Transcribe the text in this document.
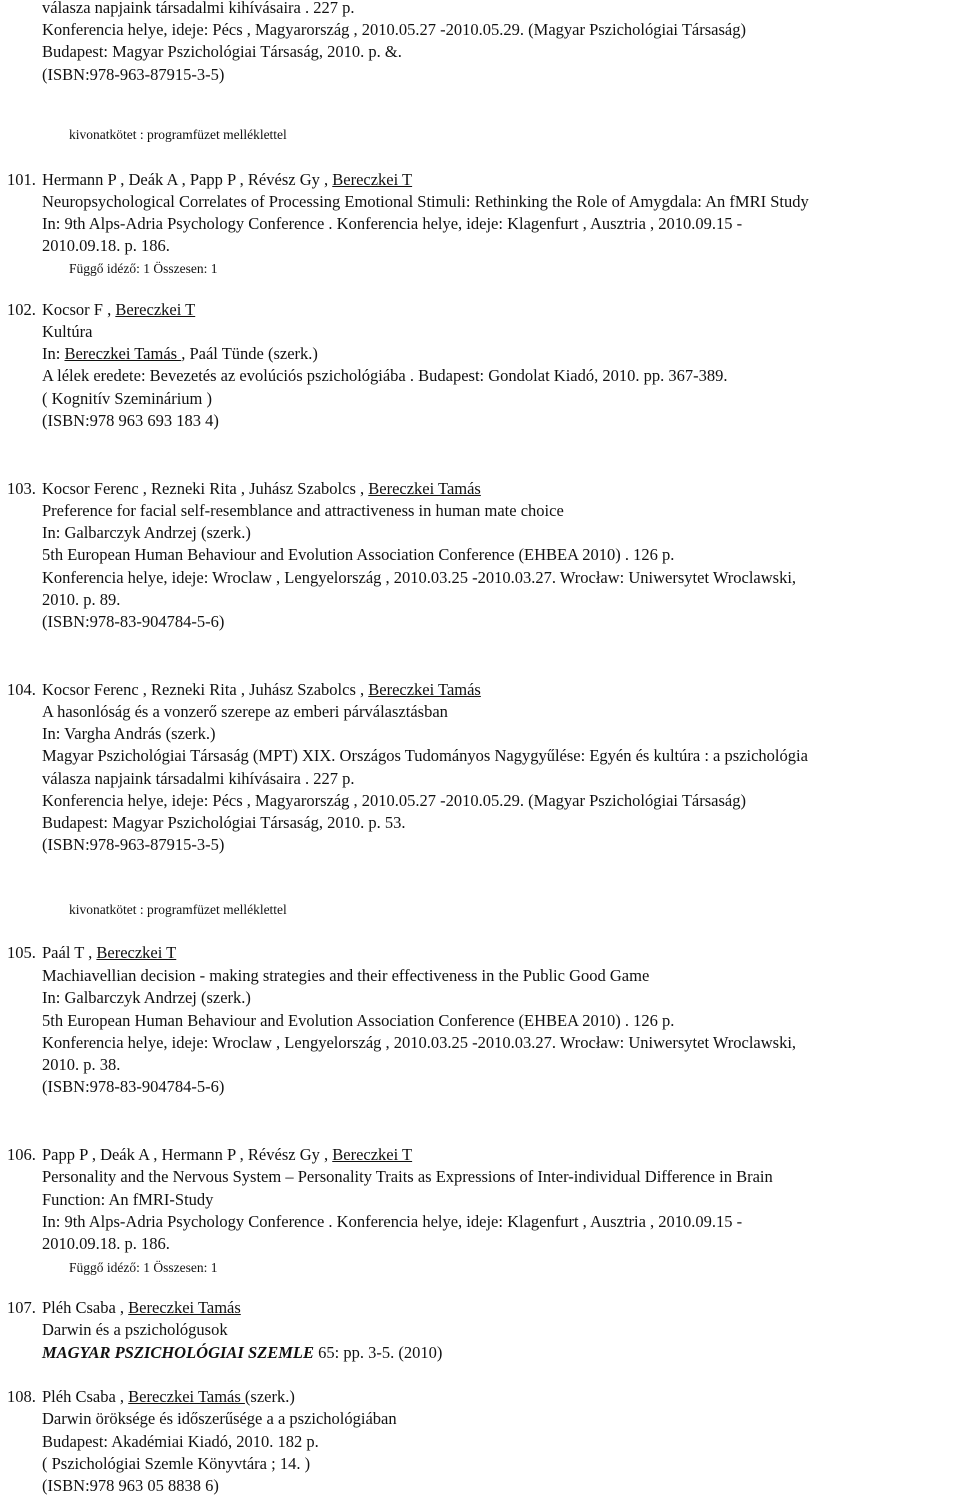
válasza napjaink társadalmi kihívásaira . 227 p.
Konferencia helye, ideje: Pécs , Magyarország , 2010.05.27 -2010.05.29. (Magyar Pszichológiai Társaság)
Budapest: Magyar Pszichológiai Társaság, 2010. p. &.
(ISBN:978-963-87915-3-5)
kivonatkötet : programfüzet melléklettel
101. Hermann P , Deák A , Papp P , Révész Gy , Bereczkei T
Neuropsychological Correlates of Processing Emotional Stimuli: Rethinking the Role of Amygdala: An fMRI Study
In: 9th Alps-Adria Psychology Conference . Konferencia helye, ideje: Klagenfurt , Ausztria , 2010.09.15 -
2010.09.18. p. 186.
Függő idéző: 1 Összesen: 1
102. Kocsor F , Bereczkei T
Kultúra
In: Bereczkei Tamás , Paál Tünde (szerk.)
A lélek eredete: Bevezetés az evolúciós pszichológiába . Budapest: Gondolat Kiadó, 2010. pp. 367-389.
( Kognitív Szeminárium )
(ISBN:978 963 693 183 4)
103. Kocsor Ferenc , Rezneki Rita , Juhász Szabolcs , Bereczkei Tamás
Preference for facial self-resemblance and attractiveness in human mate choice
In: Galbarczyk Andrzej (szerk.)
5th European Human Behaviour and Evolution Association Conference (EHBEA 2010) . 126 p.
Konferencia helye, ideje: Wroclaw , Lengyelország , 2010.03.25 -2010.03.27. Wrocław: Uniwersytet Wroclawski,
2010. p. 89.
(ISBN:978-83-904784-5-6)
104. Kocsor Ferenc , Rezneki Rita , Juhász Szabolcs , Bereczkei Tamás
A hasonlóság és a vonzerő szerepe az emberi párválasztásban
In: Vargha András (szerk.)
Magyar Pszichológiai Társaság (MPT) XIX. Országos Tudományos Nagygyűlése: Egyén és kultúra : a pszichológia
válasza napjaink társadalmi kihívásaira . 227 p.
Konferencia helye, ideje: Pécs , Magyarország , 2010.05.27 -2010.05.29. (Magyar Pszichológiai Társaság)
Budapest: Magyar Pszichológiai Társaság, 2010. p. 53.
(ISBN:978-963-87915-3-5)
kivonatkötet : programfüzet melléklettel
105. Paál T , Bereczkei T
Machiavellian decision - making strategies and their effectiveness in the Public Good Game
In: Galbarczyk Andrzej (szerk.)
5th European Human Behaviour and Evolution Association Conference (EHBEA 2010) . 126 p.
Konferencia helye, ideje: Wroclaw , Lengyelország , 2010.03.25 -2010.03.27. Wrocław: Uniwersytet Wroclawski,
2010. p. 38.
(ISBN:978-83-904784-5-6)
106. Papp P , Deák A , Hermann P , Révész Gy , Bereczkei T
Personality and the Nervous System – Personality Traits as Expressions of Inter-individual Difference in Brain
Function: An fMRI-Study
In: 9th Alps-Adria Psychology Conference . Konferencia helye, ideje: Klagenfurt , Ausztria , 2010.09.15 -
2010.09.18. p. 186.
Függő idéző: 1 Összesen: 1
107. Pléh Csaba , Bereczkei Tamás
Darwin és a pszichológusok
MAGYAR PSZICHOLÓGIAI SZEMLE 65: pp. 3-5. (2010)
108. Pléh Csaba , Bereczkei Tamás (szerk.)
Darwin öröksége és időszerűsége a a pszichológiában
Budapest: Akadémiai Kiadó, 2010. 182 p.
( Pszichológiai Szemle Könyvtára ; 14. )
(ISBN:978 963 05 8838 6)
